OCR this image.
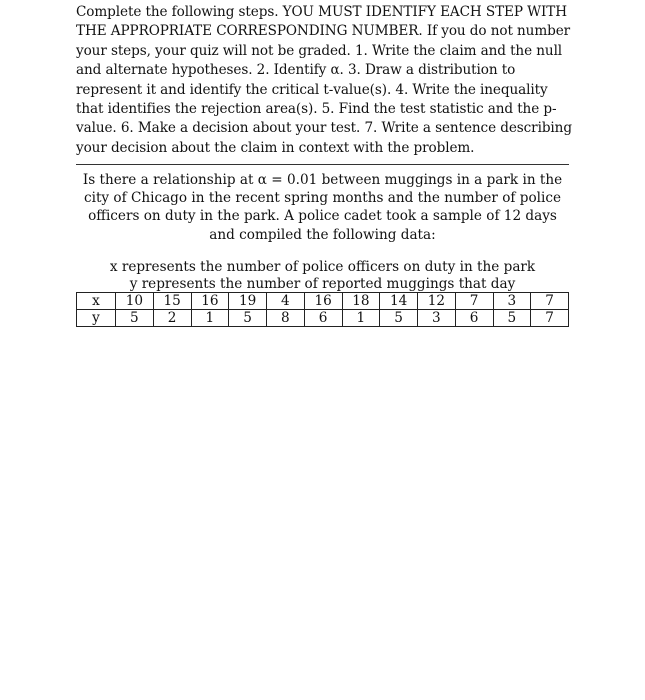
Complete the following steps. YOU MUST IDENTIFY EACH STEP WITH THE APPROPRIATE CORRESPONDING NUMBER. If you do not number your steps, your quiz will not be graded. 1. Write the claim and the null and alternate hypotheses. 2. Identify α. 3. Draw a distribution to represent it and identify the critical t-value(s). 4. Write the inequality that identifies the rejection area(s). 5. Find the test statistic and the p-value. 6. Make a decision about your test. 7. Write a sentence describing your decision about the claim in context with the problem.

Is there a relationship at α = 0.01 between muggings in a park in the city of Chicago in the recent spring months and the number of police officers on duty in the park. A police cadet took a sample of 12 days and compiled the following data:

x represents the number of police officers on duty in the park

y represents the number of reported muggings that day

x	10	15	16	19	4	16	18	14	12	7	3	7
y	5	2	1	5	8	6	1	5	3	6	5	7
